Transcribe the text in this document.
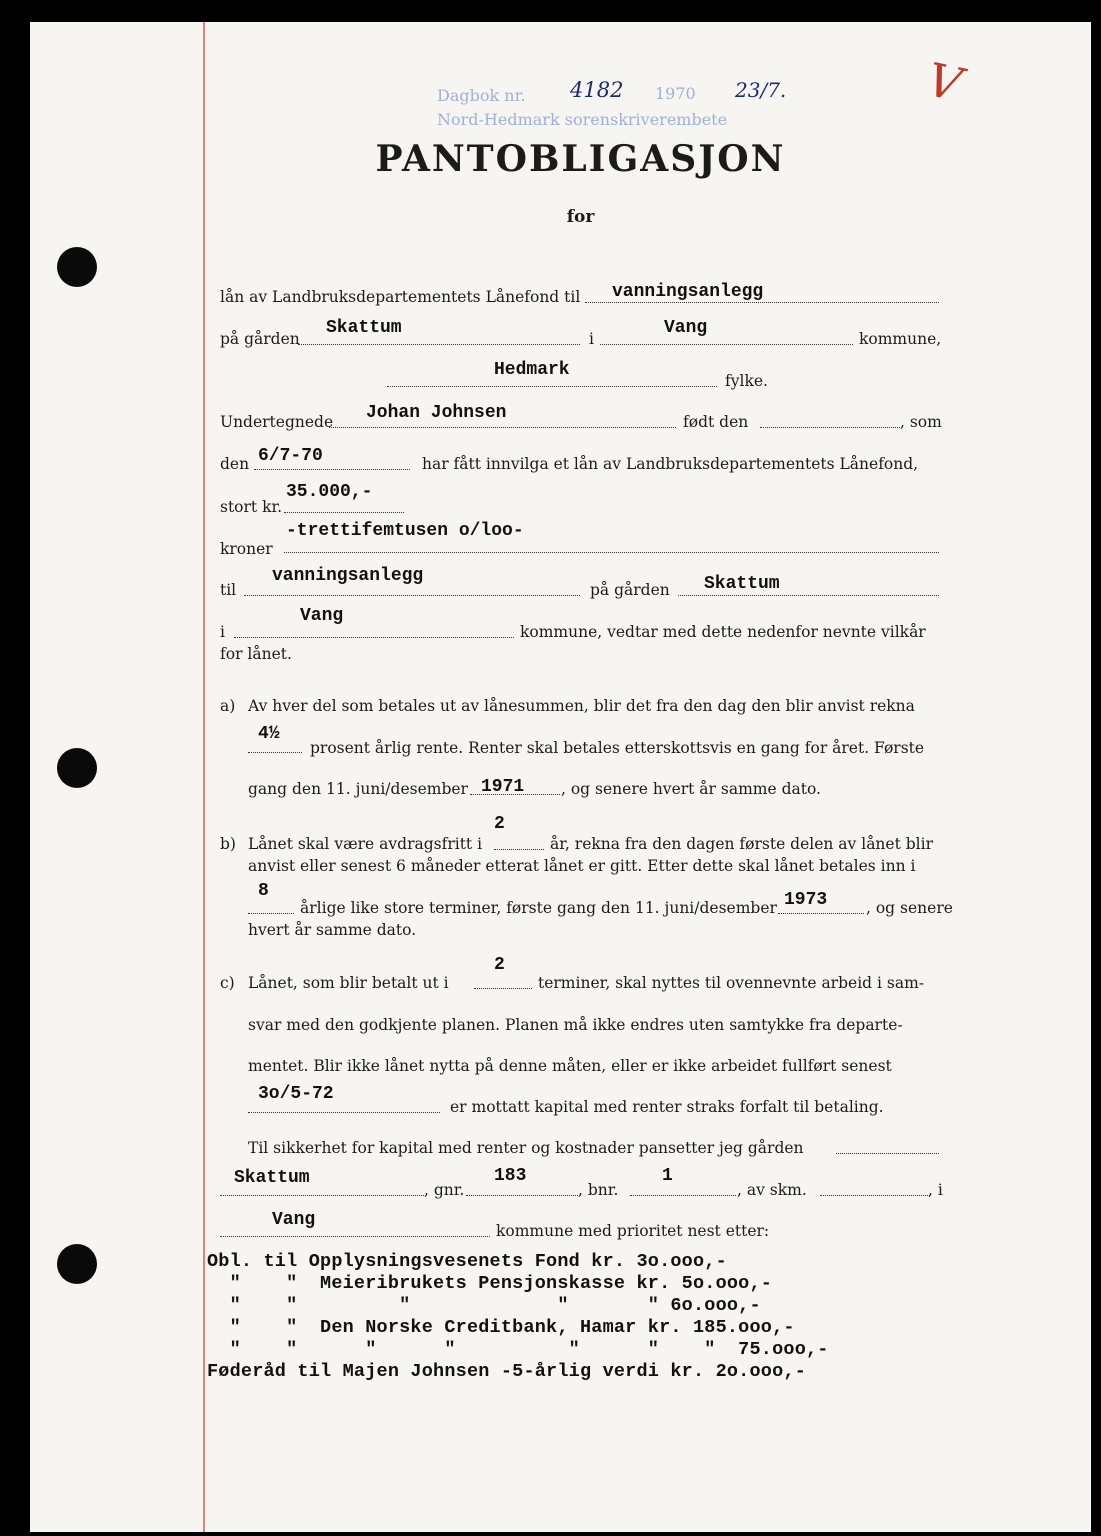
Dagbok nr. 4182 1970 23/7.
Nord-Hedmark sorenskriverembete
V
PANTOBLIGASJON
for
lån av Landbruksdepartementets Lånefond til vanningsanlegg
på gården
Skattum
i
Vang
kommune,
Hedmark
fylke.
Undertegnede Johan Johnsen	født den	, som
den 6/7-70	har fått innvilga et lån av Landbruksdepartementets Lånefond,
stort kr.
35.000,-
kroner
-trettifemtusen o/loo-
til
vanningsanlegg
på gården Skattum
i
Vang
kommune, vedtar med dette nedenfor nevnte vilkår
for lånet.
a) Av hver del som betales ut av lånesummen, blir det fra den dag den blir anvist rekna
4½
prosent årlig rente. Renter skal betales etterskottsvis en gang for året. Første
gang den 11. juni/desember 1971 , og senere hvert år samme dato.
b) Lånet skal være avdragsfritt i
2
år, rekna fra den dagen første delen av lånet blir
anvist eller senest 6 måneder etterat lånet er gitt. Etter dette skal lånet betales inn i
8
årlige like store terminer, første gang den 11. juni/desember 1973	, og senere
hvert år samme dato.
c) Lånet, som blir betalt ut i
2
terminer, skal nyttes til ovennevnte arbeid i sam-
svar med den godkjente planen. Planen må ikke endres uten samtykke fra departe-
mentet. Blir ikke lånet nytta på denne måten, eller er ikke arbeidet fullført senest
3o/5-72
er mottatt kapital med renter straks forfalt til betaling.
Til sikkerhet for kapital med renter og kostnader pansetter jeg gården
Skattum
, gnr.
183
, bnr.
1
, av skm.	, i
Vang
kommune med prioritet nest etter:
Obl. til Opplysningsvesenets Fond kr. 3o.ooo,-
"    "  Meieribrukets Pensjonskasse kr. 5o.ooo,-
"    "         "             "       " 6o.ooo,-
"    "  Den Norske Creditbank, Hamar kr. 185.ooo,-
"    "      "      "          "      "    "  75.ooo,-
Føderåd til Majen Johnsen -5-årlig verdi kr. 2o.ooo,-
